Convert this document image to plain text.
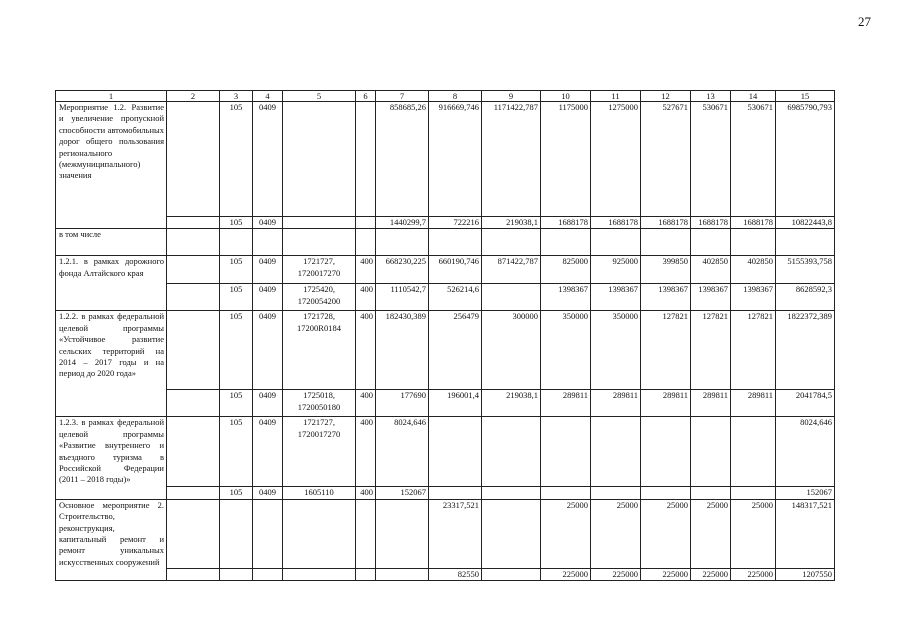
27
1	2	3	4	5	6	7	8	9	10	11	12	13	14	15
Мероприятие 1.2. Развитие и увеличение пропускной способности автомобильных дорог общего пользования регионального (межмуниципального) значения		105	0409			858685,26	916669,746	1171422,787	1175000	1275000	527671	530671	530671	6985790,793
		105	0409			1440299,7	722216	219038,1	1688178	1688178	1688178	1688178	1688178	10822443,8
в том числе														
1.2.1. в рамках дорожного фонда Алтайского края		105	0409	1721727, 1720017270	400	668230,225	660190,746	871422,787	825000	925000	399850	402850	402850	5155393,758
		105	0409	1725420, 1720054200	400	1110542,7	526214,6		1398367	1398367	1398367	1398367	1398367	8628592,3
1.2.2. в рамках федеральной целевой программы «Устойчивое развитие сельских территорий на 2014 – 2017 годы и на период до 2020 года»		105	0409	1721728, 17200R0184	400	182430,389	256479	300000	350000	350000	127821	127821	127821	1822372,389
		105	0409	1725018, 1720050180	400	177690	196001,4	219038,1	289811	289811	289811	289811	289811	2041784,5
1.2.3. в рамках федеральной целевой программы «Развитие внутреннего и въездного туризма в Российской Федерации (2011 – 2018 годы)»		105	0409	1721727, 1720017270	400	8024,646								8024,646
		105	0409	1605110	400	152067								152067
Основное мероприятие 2. Строительство, реконструкция, капитальный ремонт и ремонт уникальных искусственных сооружений							23317,521		25000	25000	25000	25000	25000	148317,521
							82550		225000	225000	225000	225000	225000	1207550
